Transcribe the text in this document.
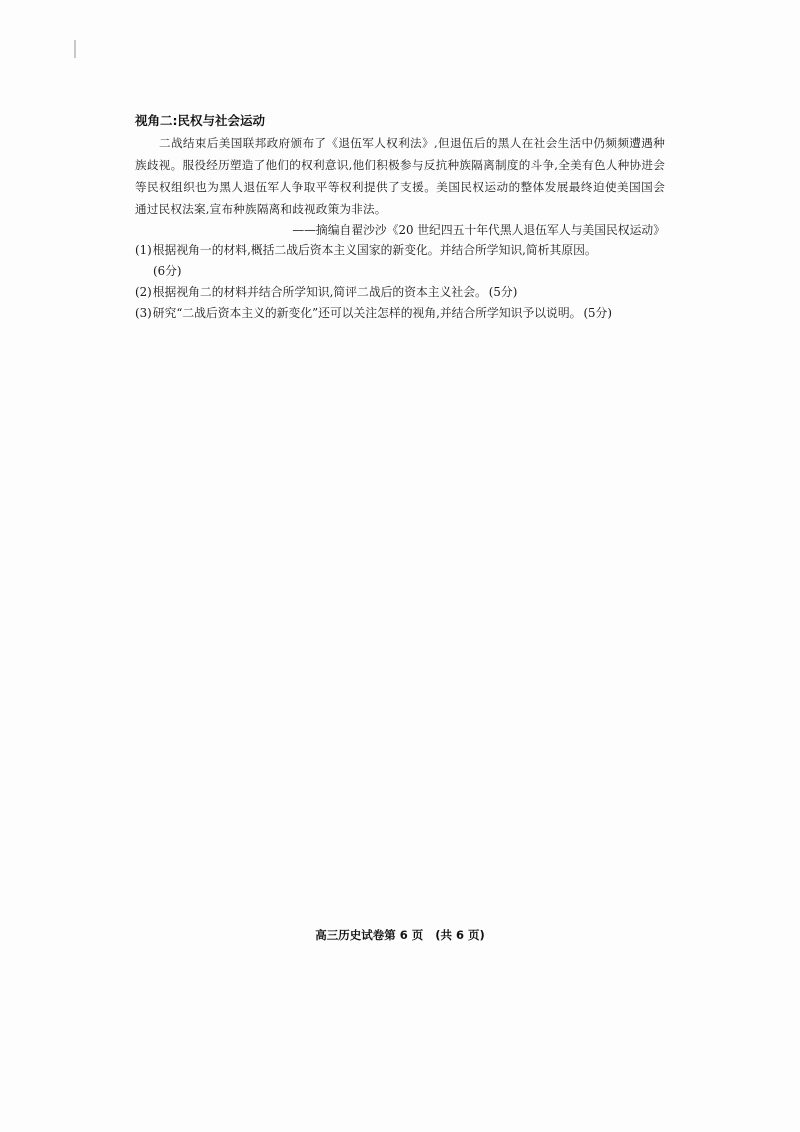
视角二:民权与社会运动

二战结束后美国联邦政府颁布了《退伍军人权利法》,但退伍后的黑人在社会生活中仍频频遭遇种族歧视。服役经历塑造了他们的权利意识,他们积极参与反抗种族隔离制度的斗争,全美有色人种协进会等民权组织也为黑人退伍军人争取平等权利提供了支援。美国民权运动的整体发展最终迫使美国国会通过民权法案,宣布种族隔离和歧视政策为非法。

——摘编自翟沙沙《20 世纪四五十年代黑人退伍军人与美国民权运动》

(1)根据视角一的材料,概括二战后资本主义国家的新变化。并结合所学知识,简析其原因。
(6分)
(2)根据视角二的材料并结合所学知识,简评二战后的资本主义社会。 (5分)
(3)研究“二战后资本主义的新变化”还可以关注怎样的视角,并结合所学知识予以说明。 (5分)
高三历史试卷第 6 页 (共 6 页)
